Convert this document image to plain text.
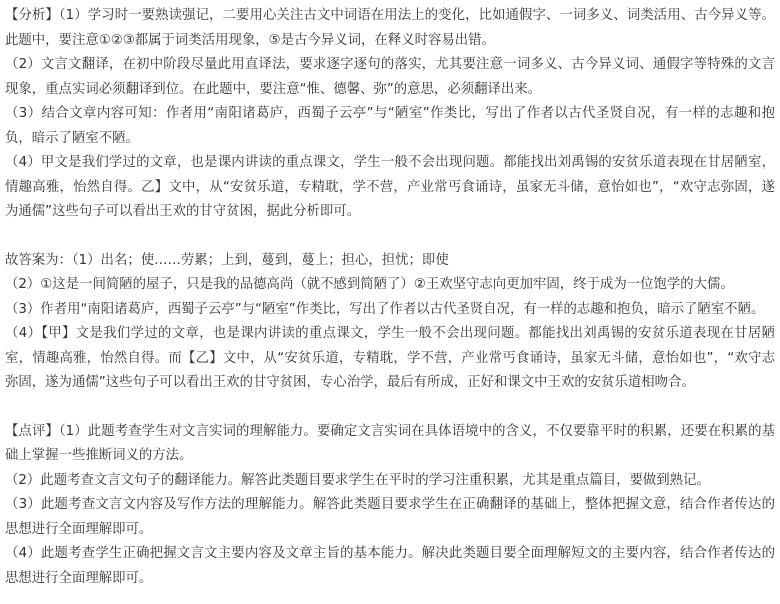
【分析】（1）学习时一要熟读强记，二要用心关注古文中词语在用法上的变化，比如通假字、一词多义、词类活用、古今异义等。此题中，要注意①②③都属于词类活用现象，⑤是古今异义词，在释义时容易出错。

（2）文言文翻译，在初中阶段尽量此用直译法，要求逐字逐句的落实，尤其要注意一词多义、古今异义词、通假字等特殊的文言现象，重点实词必须翻译到位。在此题中，要注意“惟、德馨、弥”的意思，必须翻译出来。

（3）结合文章内容可知：作者用“南阳诸葛庐，西蜀子云亭”与“陋室”作类比，写出了作者以古代圣贤自况，有一样的志趣和抱负，暗示了陋室不陋。

（4）甲文是我们学过的文章，也是课内讲读的重点课文，学生一般不会出现问题。都能找出刘禹锡的安贫乐道表现在甘居陋室，情趣高雅，怡然自得。乙】文中，从“安贫乐道，专精耽，学不营，产业常丐食诵诗，虽家无斗储，意怡如也”，“欢守志弥固，遂为通儒”这些句子可以看出王欢的甘守贫困，据此分析即可。

故答案为：（1）出名；使……劳累；上到，蔓到，蔓上；担心，担忧；即使

（2）①这是一间简陋的屋子，只是我的品德高尚（就不感到简陋了）②王欢坚守志向更加牢固，终于成为一位饱学的大儒。

（3）作者用“南阳诸葛庐，西蜀子云亭”与“陋室”作类比，写出了作者以古代圣贤自况，有一样的志趣和抱负，暗示了陋室不陋。

（4）【甲】文是我们学过的文章，也是课内讲读的重点课文，学生一般不会出现问题。都能找出刘禹锡的安贫乐道表现在甘居陋室，情趣高雅，怡然自得。而【乙】文中，从“安贫乐道，专精耽，学不营，产业常丐食诵诗，虽家无斗储，意怡如也”，“欢守志弥固，遂为通儒”这些句子可以看出王欢的甘守贫困，专心治学，最后有所成，正好和课文中王欢的安贫乐道相吻合。

【点评】（1）此题考查学生对文言实词的理解能力。要确定文言实词在具体语境中的含义，不仅要靠平时的积累，还要在积累的基础上掌握一些推断词义的方法。

（2）此题考查文言文句子的翻译能力。解答此类题目要求学生在平时的学习注重积累，尤其是重点篇目，要做到熟记。

（3）此题考查文言文内容及写作方法的理解能力。解答此类题目要求学生在正确翻译的基础上，整体把握文意，结合作者传达的思想进行全面理解即可。

（4）此题考查学生正确把握文言文主要内容及文章主旨的基本能力。解决此类题目要全面理解短文的主要内容，结合作者传达的思想进行全面理解即可。
